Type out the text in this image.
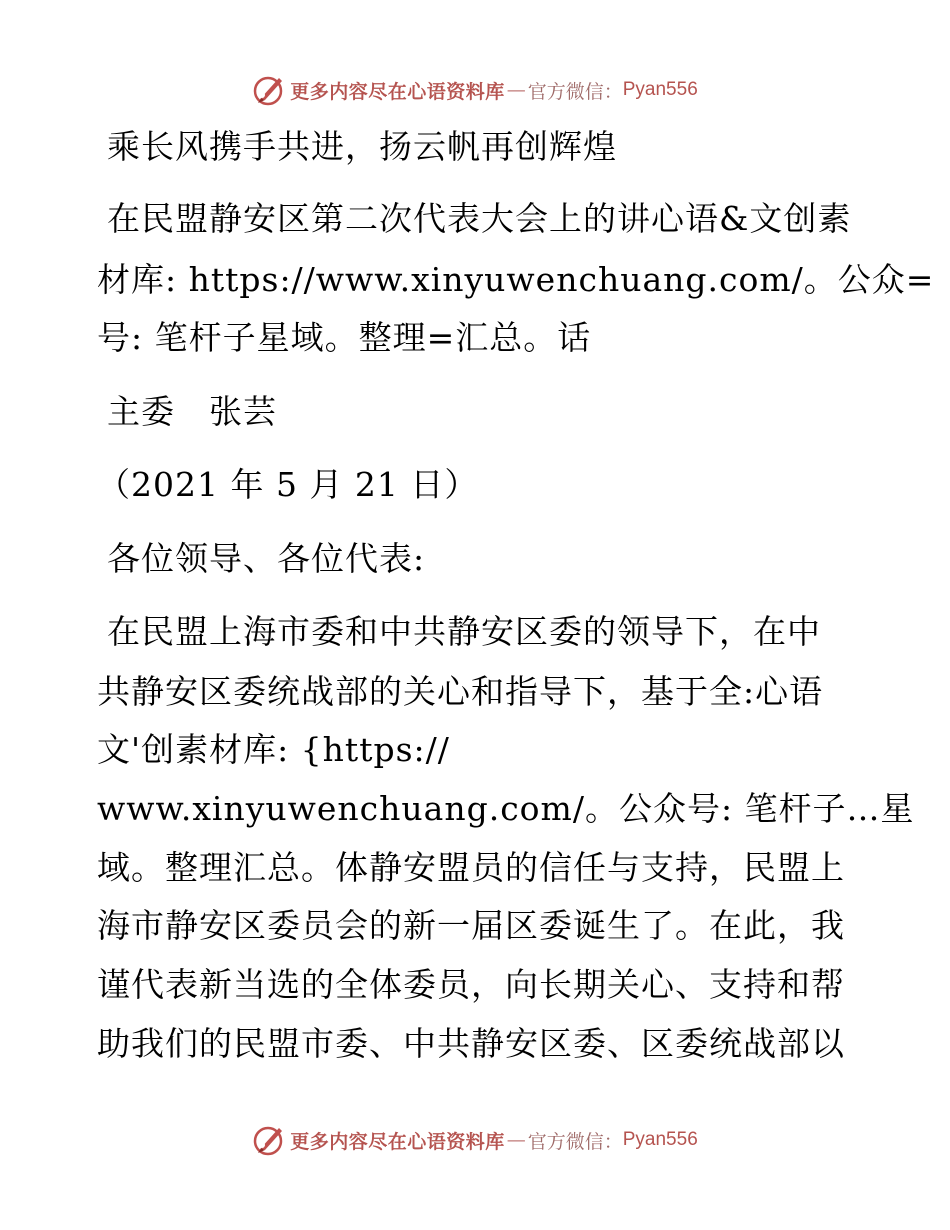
更多内容尽在心语资料库 — 官方微信： Pyan556
乘长风携手共进，扬云帆再创辉煌
在民盟静安区第二次代表大会上的讲心语&文创素
材库: https://www.xinyuwenchuang.com/。公众=
号: 笔杆子星域。整理=汇总。话
主委　张芸
（2021 年 5 月 21 日）
各位领导、各位代表:
在民盟上海市委和中共静安区委的领导下，在中
共静安区委统战部的关心和指导下，基于全:心语
文'创素材库: {https://
www.xinyuwenchuang.com/。公众号: 笔杆子…星
域。整理汇总。体静安盟员的信任与支持，民盟上
海市静安区委员会的新一届区委诞生了。在此，我
谨代表新当选的全体委员，向长期关心、支持和帮
助我们的民盟市委、中共静安区委、区委统战部以
更多内容尽在心语资料库 — 官方微信： Pyan556
